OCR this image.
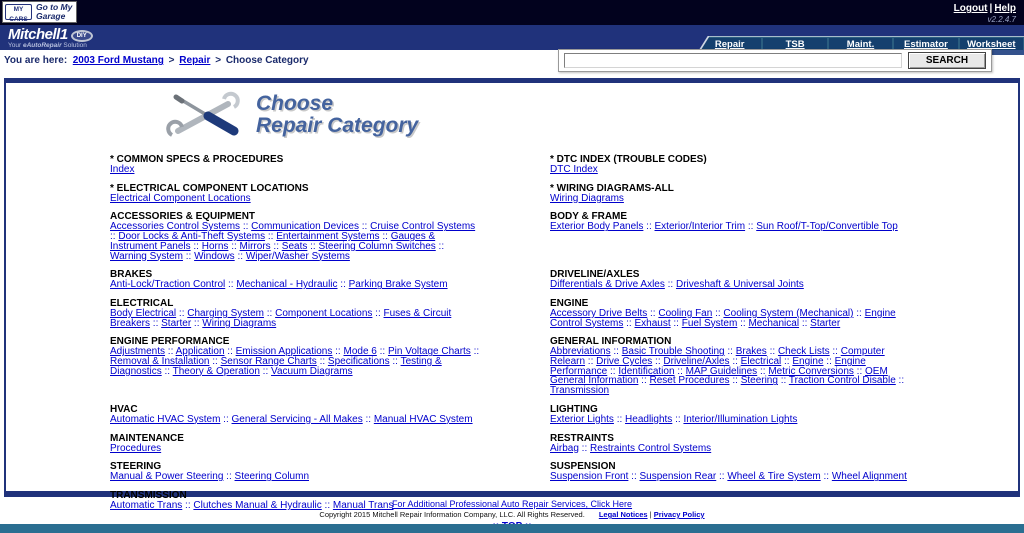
MY CARS
Go to My
Garage
Logout | Help
v2.2.4.7
Mitchell1 DIY
Your eAutoRepair Solution	Repair	TSB	Maint.	Estimator Worksheet
You are here: 2003 Ford Mustang > Repair > Choose Category	SEARCH
Choose
Repair Category
* COMMON SPECS & PROCEDURES
Index
* DTC INDEX (TROUBLE CODES)
DTC Index
* ELECTRICAL COMPONENT LOCATIONS
Electrical Component Locations
* WIRING DIAGRAMS-ALL
Wiring Diagrams
ACCESSORIES & EQUIPMENT
Accessories Control Systems :: Communication Devices :: Cruise Control Systems :: Door Locks & Anti-Theft Systems :: Entertainment Systems :: Gauges & Instrument Panels :: Horns :: Mirrors :: Seats :: Steering Column Switches :: Warning System :: Windows :: Wiper/Washer Systems
BODY & FRAME
Exterior Body Panels :: Exterior/Interior Trim :: Sun Roof/T-Top/Convertible Top
BRAKES
Anti-Lock/Traction Control :: Mechanical - Hydraulic :: Parking Brake System
DRIVELINE/AXLES
Differentials & Drive Axles :: Driveshaft & Universal Joints
ELECTRICAL
Body Electrical :: Charging System :: Component Locations :: Fuses & Circuit Breakers :: Starter :: Wiring Diagrams
ENGINE
Accessory Drive Belts :: Cooling Fan :: Cooling System (Mechanical) :: Engine Control Systems :: Exhaust :: Fuel System :: Mechanical :: Starter
ENGINE PERFORMANCE
Adjustments :: Application :: Emission Applications :: Mode 6 :: Pin Voltage Charts :: Removal & Installation :: Sensor Range Charts :: Specifications :: Testing & Diagnostics :: Theory & Operation :: Vacuum Diagrams
GENERAL INFORMATION
Abbreviations :: Basic Trouble Shooting :: Brakes :: Check Lists :: Computer Relearn :: Drive Cycles :: Driveline/Axles :: Electrical :: Engine :: Engine Performance :: Identification :: MAP Guidelines :: Metric Conversions :: OEM General Information :: Reset Procedures :: Steering :: Traction Control Disable :: Transmission
HVAC
Automatic HVAC System :: General Servicing - All Makes :: Manual HVAC System
LIGHTING
Exterior Lights :: Headlights :: Interior/Illumination Lights
MAINTENANCE
Procedures
RESTRAINTS
Airbag :: Restraints Control Systems
STEERING
Manual & Power Steering :: Steering Column
SUSPENSION
Suspension Front :: Suspension Rear :: Wheel & Tire System :: Wheel Alignment
TRANSMISSION
Automatic Trans :: Clutches Manual & Hydraulic :: Manual Trans
For Additional Professional Auto Repair Services, Click Here
Copyright 2015 Mitchell Repair Information Company, LLC. All Rights Reserved. Legal Notices | Privacy Policy
